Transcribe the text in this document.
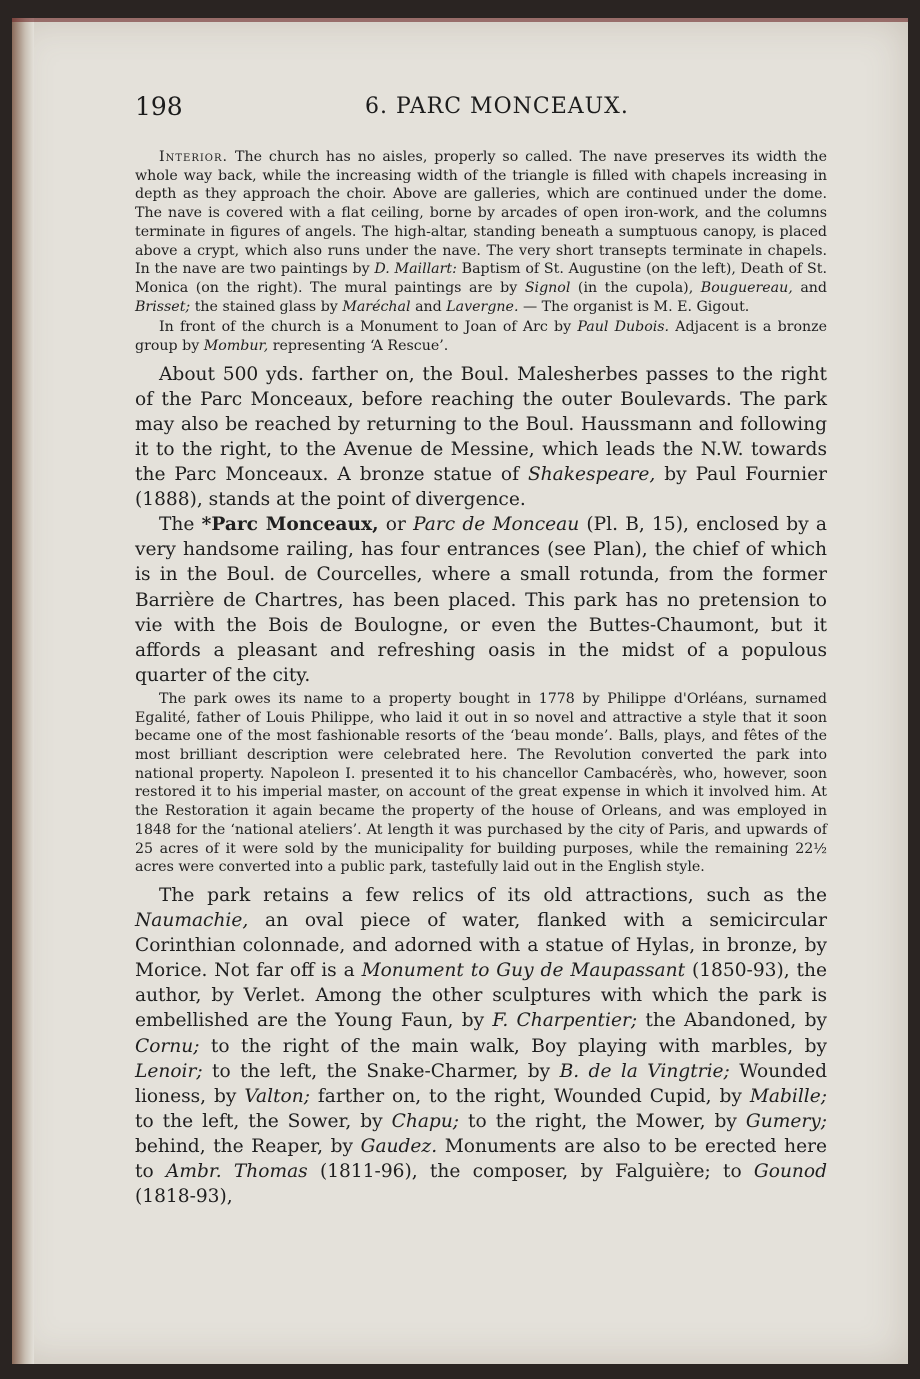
198	6. PARC MONCEAUX.

Interior. The church has no aisles, properly so called. The nave preserves its width the whole way back, while the increasing width of the triangle is filled with chapels increasing in depth as they approach the choir. Above are galleries, which are continued under the dome. The nave is covered with a flat ceiling, borne by arcades of open iron-work, and the columns terminate in figures of angels. The high-altar, standing beneath a sumptuous canopy, is placed above a crypt, which also runs under the nave. The very short transepts terminate in chapels. In the nave are two paintings by D. Maillart: Baptism of St. Augustine (on the left), Death of St. Monica (on the right). The mural paintings are by Signol (in the cupola), Bouguereau, and Brisset; the stained glass by Maréchal and Lavergne. — The organist is M. E. Gigout.

In front of the church is a Monument to Joan of Arc by Paul Dubois. Adjacent is a bronze group by Mombur, representing ‘A Rescue’.

About 500 yds. farther on, the Boul. Malesherbes passes to the right of the Parc Monceaux, before reaching the outer Boulevards. The park may also be reached by returning to the Boul. Haussmann and following it to the right, to the Avenue de Messine, which leads the N.W. towards the Parc Monceaux. A bronze statue of Shakespeare, by Paul Fournier (1888), stands at the point of divergence.

The *Parc Monceaux, or Parc de Monceau (Pl. B, 15), enclosed by a very handsome railing, has four entrances (see Plan), the chief of which is in the Boul. de Courcelles, where a small rotunda, from the former Barrière de Chartres, has been placed. This park has no pretension to vie with the Bois de Boulogne, or even the Buttes-Chaumont, but it affords a pleasant and refreshing oasis in the midst of a populous quarter of the city.

The park owes its name to a property bought in 1778 by Philippe d'Orléans, surnamed Egalité, father of Louis Philippe, who laid it out in so novel and attractive a style that it soon became one of the most fashionable resorts of the ‘beau monde’. Balls, plays, and fêtes of the most brilliant description were celebrated here. The Revolution converted the park into national property. Napoleon I. presented it to his chancellor Cambacérès, who, however, soon restored it to his imperial master, on account of the great expense in which it involved him. At the Restoration it again became the property of the house of Orleans, and was employed in 1848 for the ‘national ateliers’. At length it was purchased by the city of Paris, and upwards of 25 acres of it were sold by the municipality for building purposes, while the remaining 22½ acres were converted into a public park, tastefully laid out in the English style.

The park retains a few relics of its old attractions, such as the Naumachie, an oval piece of water, flanked with a semicircular Corinthian colonnade, and adorned with a statue of Hylas, in bronze, by Morice. Not far off is a Monument to Guy de Maupassant (1850-93), the author, by Verlet. Among the other sculptures with which the park is embellished are the Young Faun, by F. Charpentier; the Abandoned, by Cornu; to the right of the main walk, Boy playing with marbles, by Lenoir; to the left, the Snake-Charmer, by B. de la Vingtrie; Wounded lioness, by Valton; farther on, to the right, Wounded Cupid, by Mabille; to the left, the Sower, by Chapu; to the right, the Mower, by Gumery; behind, the Reaper, by Gaudez. Monuments are also to be erected here to Ambr. Thomas (1811-96), the composer, by Falguière; to Gounod (1818-93),
